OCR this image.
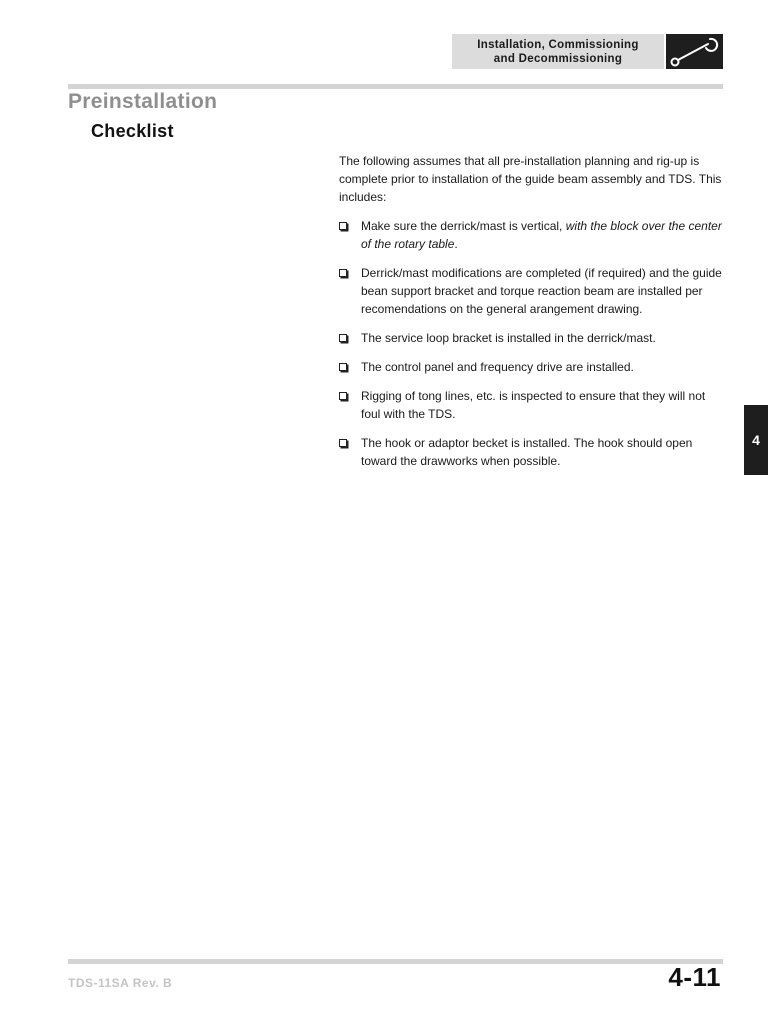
Installation, Commissioning
and Decommissioning
Preinstallation
Checklist

The following assumes that all pre-installation planning and rig-up is complete prior to installation of the guide beam assembly and TDS. This includes:

Make sure the derrick/mast is vertical, with the block over the center of the rotary table.
Derrick/mast modifications are completed (if required) and the guide bean support bracket and torque reaction beam are installed per recomendations on the general arangement drawing.
The service loop bracket is installed in the derrick/mast.
The control panel and frequency drive are installed.
Rigging of tong lines, etc. is inspected to ensure that they will not foul with the TDS.
The hook or adaptor becket is installed. The hook should open toward the drawworks when possible.
4
TDS-11SA Rev. B	4-11
